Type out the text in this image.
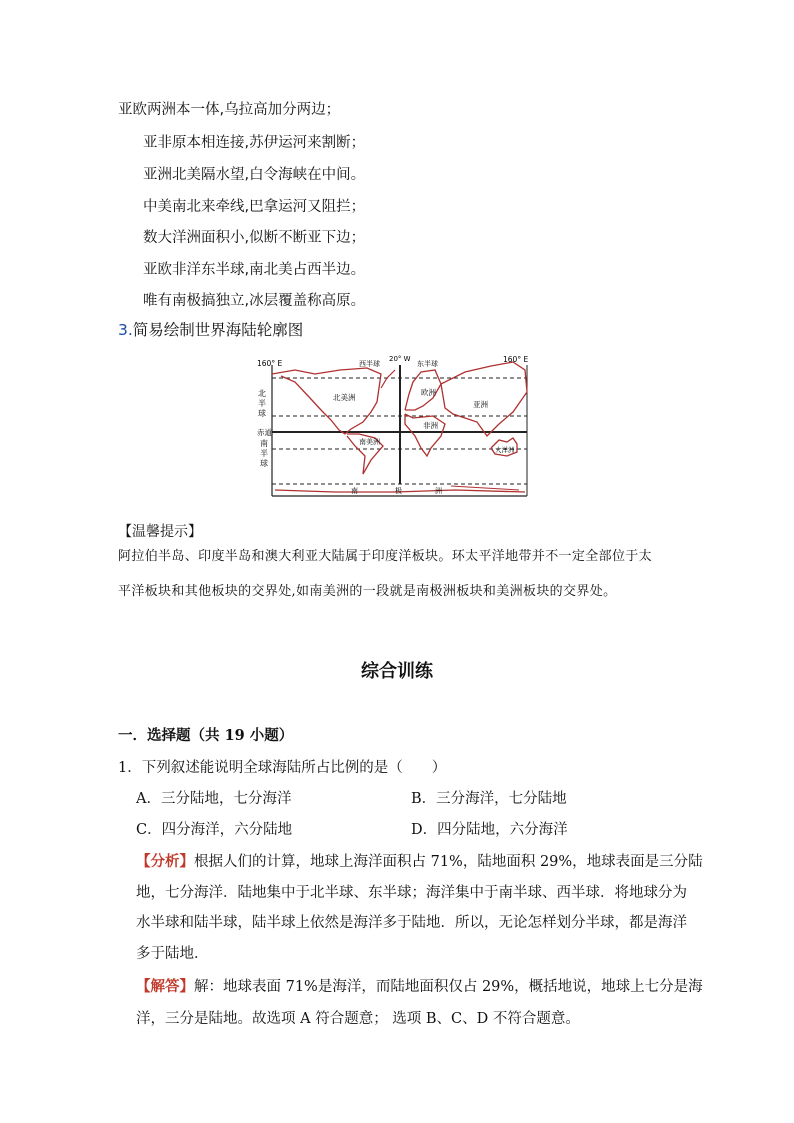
亚欧两洲本一体,乌拉高加分两边；
亚非原本相连接,苏伊运河来割断；
亚洲北美隔水望,白令海峡在中间。
中美南北来牵线,巴拿运河又阻拦；
数大洋洲面积小,似断不断亚下边；
亚欧非洋东半球,南北美占西半边。
唯有南极搞独立,冰层覆盖称高原。
3.简易绘制世界海陆轮廓图
160° E	西半球
20° W
东半球	160° E
北
半
球
赤道
南
半
球
北美洲
南美洲
欧洲
亚洲
非洲
大洋洲
南	极	洲
【温馨提示】
阿拉伯半岛、印度半岛和澳大利亚大陆属于印度洋板块。环太平洋地带并不一定全部位于太
平洋板块和其他板块的交界处,如南美洲的一段就是南极洲板块和美洲板块的交界处。
综合训练
一．选择题（共 19 小题）
1．下列叙述能说明全球海陆所占比例的是（　　）
A．三分陆地，七分海洋	B．三分海洋，七分陆地
C．四分海洋，六分陆地	D．四分陆地，六分海洋
【分析】根据人们的计算，地球上海洋面积占 71%，陆地面积 29%，地球表面是三分陆
地，七分海洋．陆地集中于北半球、东半球；海洋集中于南半球、西半球．将地球分为
水半球和陆半球，陆半球上依然是海洋多于陆地．所以，无论怎样划分半球，都是海洋
多于陆地．
【解答】解：地球表面 71%是海洋，而陆地面积仅占 29%，概括地说，地球上七分是海
洋，三分是陆地。故选项 A 符合题意； 选项 B、C、D 不符合题意。
